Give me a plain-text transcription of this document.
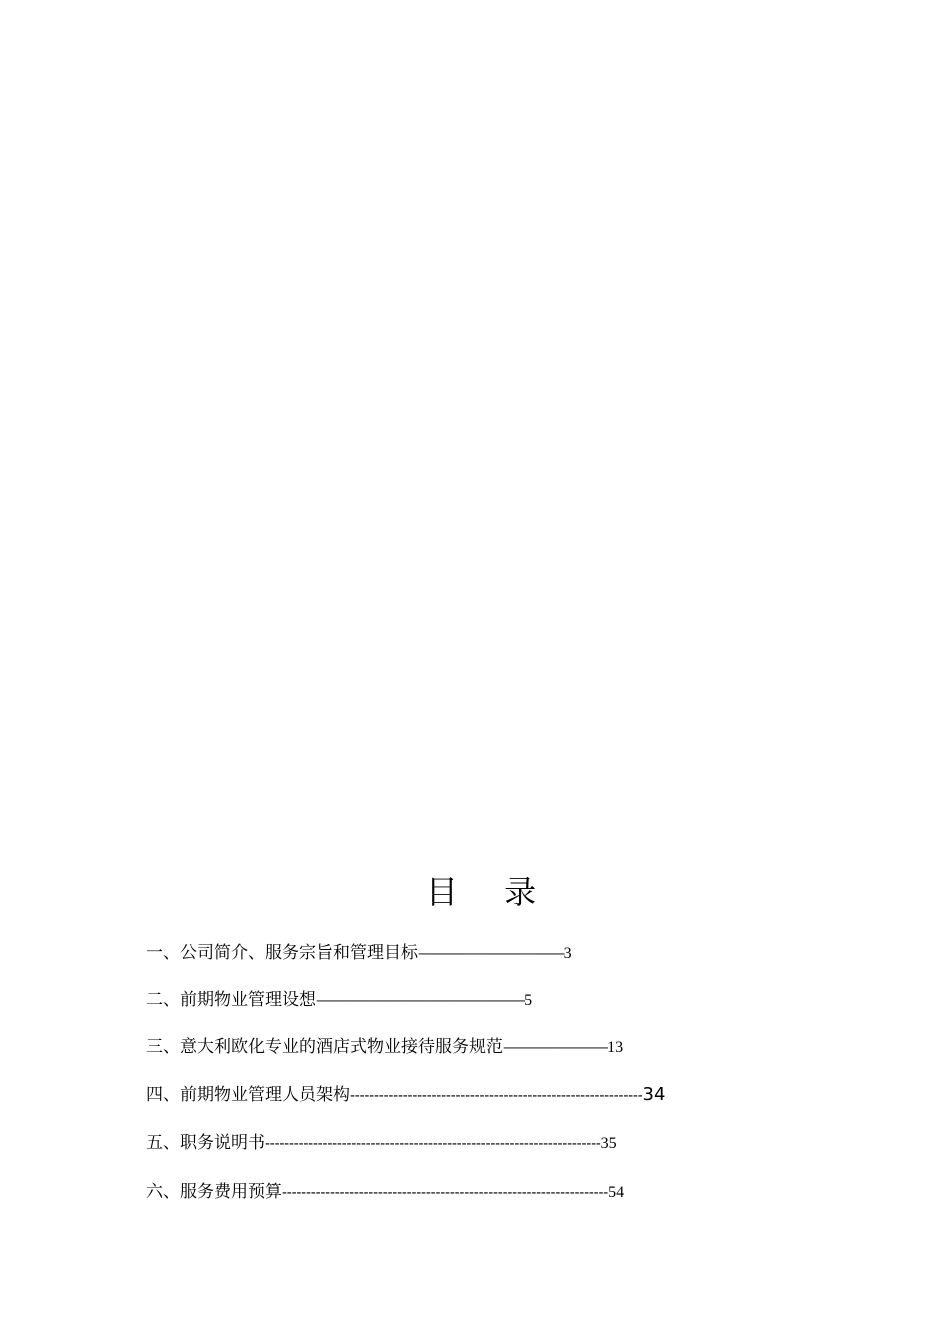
目 录
一、公司简介、服务宗旨和管理目标------------------------------------------3
二、前期物业管理设想------------------------------------------------------------5
三、意大利欧化专业的酒店式物业接待服务规范------------------------------13
四、前期物业管理人员架构-------------------------------------------------------------34
五、职务说明书----------------------------------------------------------------------35
六、服务费用预算--------------------------------------------------------------------54
